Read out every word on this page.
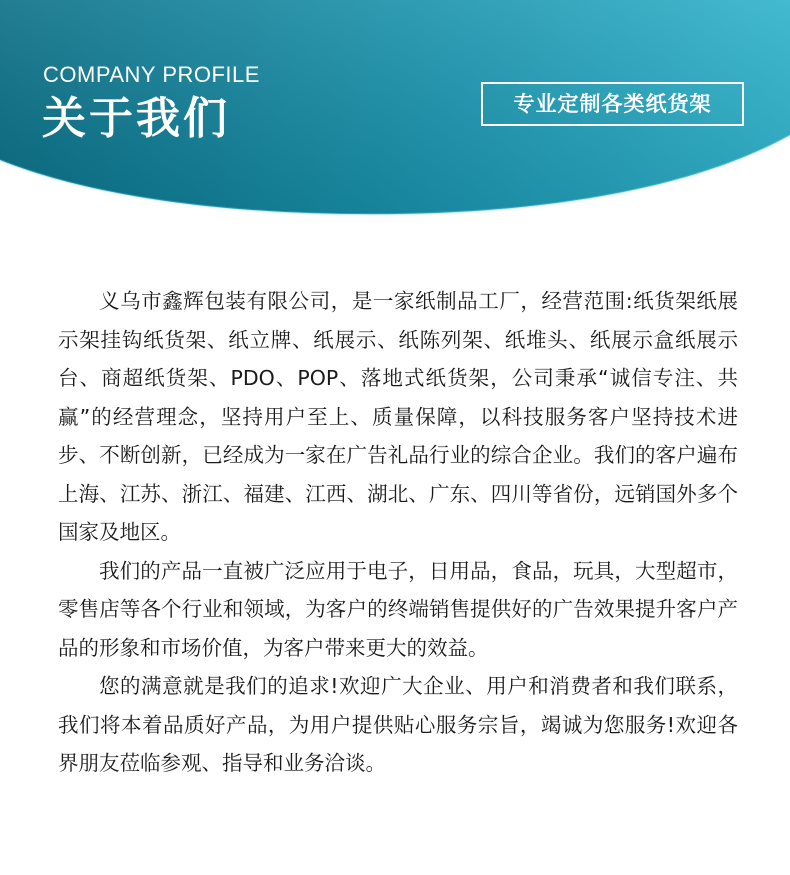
COMPANY PROFILE
关于我们	专业定制各类纸货架

义乌市鑫辉包装有限公司，是一家纸制品工厂，经营范围:纸货架纸展示架挂钩纸货架、纸立牌、纸展示、纸陈列架、纸堆头、纸展示盒纸展示台、商超纸货架、PDO、POP、落地式纸货架，公司秉承“诚信专注、共赢”的经营理念，坚持用户至上、质量保障，以科技服务客户坚持技术进步、不断创新，已经成为一家在广告礼品行业的综合企业。我们的客户遍布上海、江苏、浙江、福建、江西、湖北、广东、四川等省份，远销国外多个国家及地区。

我们的产品一直被广泛应用于电子，日用品，食品，玩具，大型超市，零售店等各个行业和领域，为客户的终端销售提供好的广告效果提升客户产品的形象和市场价值，为客户带来更大的效益。

您的满意就是我们的追求!欢迎广大企业、用户和消费者和我们联系，我们将本着品质好产品，为用户提供贴心服务宗旨，竭诚为您服务!欢迎各界朋友莅临参观、指导和业务洽谈。
